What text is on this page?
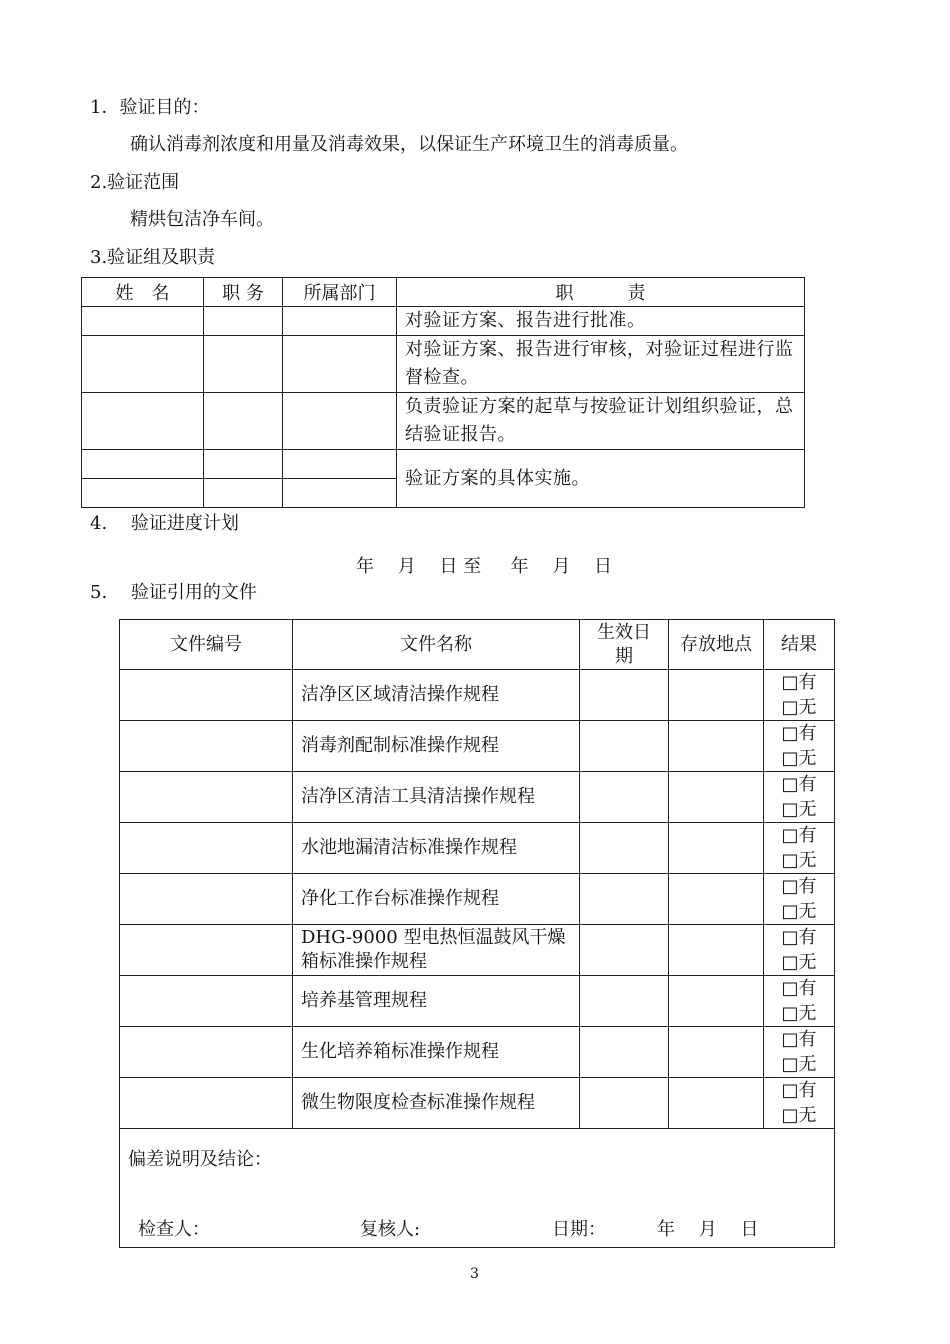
1．验证目的：
确认消毒剂浓度和用量及消毒效果，以保证生产环境卫生的消毒质量。
2.验证范围
精烘包洁净车间。
3.验证组及职责
姓　名	职 务	所属部门	职　　　责
			对验证方案、报告进行批准。
			对验证方案、报告进行审核，对验证过程进行监督检查。
			负责验证方案的起草与按验证计划组织验证，总结验证报告。
			验证方案的具体实施。

4.　 验证进度计划
年　 月 　日 至 　 年　 月 　日
5.　 验证引用的文件
文件编号	文件名称	生效日期	存放地点	结果
	洁净区区域清洁操作规程			□有
□无

	消毒剂配制标准操作规程			□有
□无

	洁净区清洁工具清洁操作规程			□有
□无

	水池地漏清洁标准操作规程			□有
□无

	净化工作台标准操作规程			□有
□无

	DHG-9000 型电热恒温鼓风干燥箱标准操作规程			□有
□无

	培养基管理规程			□有
□无

	生化培养箱标准操作规程			□有
□无

	微生物限度检查标准操作规程			□有
□无

偏差说明及结论：				
检查人：	复核人:	日期：	年　 月　 日
3
